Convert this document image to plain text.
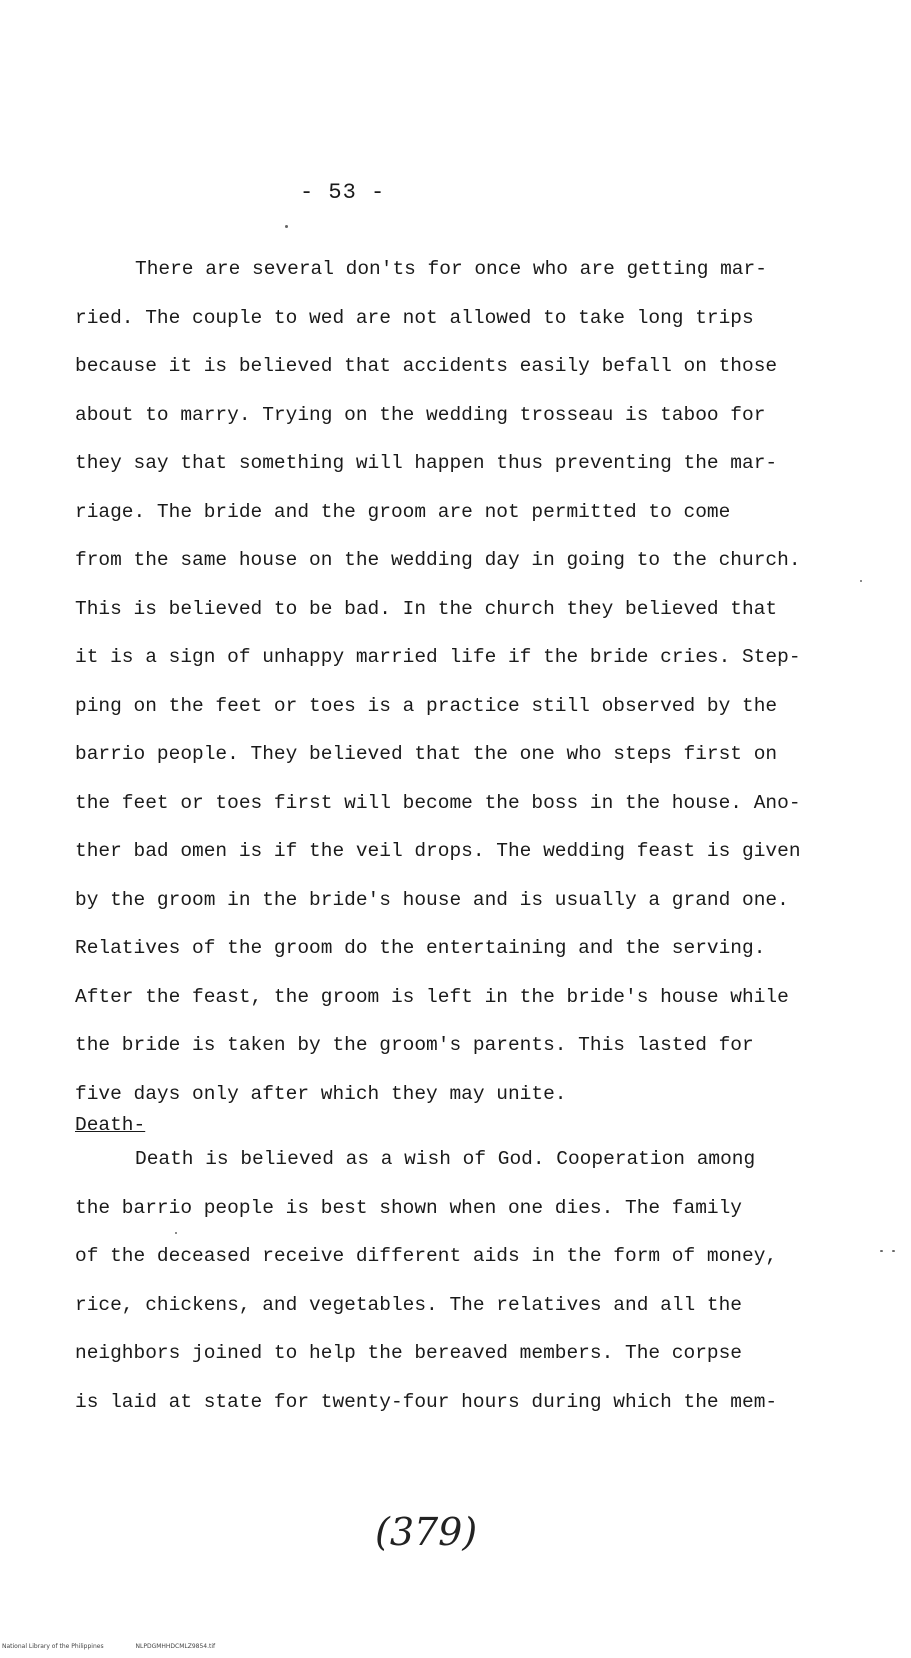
- 53 -
There are several don'ts for once who are getting mar-
ried. The couple to wed are not allowed to take long trips
because it is believed that accidents easily befall on those
about to marry. Trying on the wedding trosseau is taboo for
they say that something will happen thus preventing the mar-
riage. The bride and the groom are not permitted to come
from the same house on the wedding day in going to the church.
This is believed to be bad. In the church they believed that
it is a sign of unhappy married life if the bride cries. Step-
ping on the feet or toes is a practice still observed by the
barrio people. They believed that the one who steps first on
the feet or toes first will become the boss in the house. Ano-
ther bad omen is if the veil drops. The wedding feast is given
by the groom in the bride's house and is usually a grand one.
Relatives of the groom do the entertaining and the serving.
After the feast, the groom is left in the bride's house while
the bride is taken by the groom's parents. This lasted for
five days only after which they may unite.
Death-
Death is believed as a wish of God. Cooperation among
the barrio people is best shown when one dies. The family
of the deceased receive different aids in the form of money,
rice, chickens, and vegetables. The relatives and all the
neighbors joined to help the bereaved members. The corpse
is laid at state for twenty-four hours during which the mem-
(379)
National Library of the Philippines	NLPDGMHHDCMLZ9854.tif
